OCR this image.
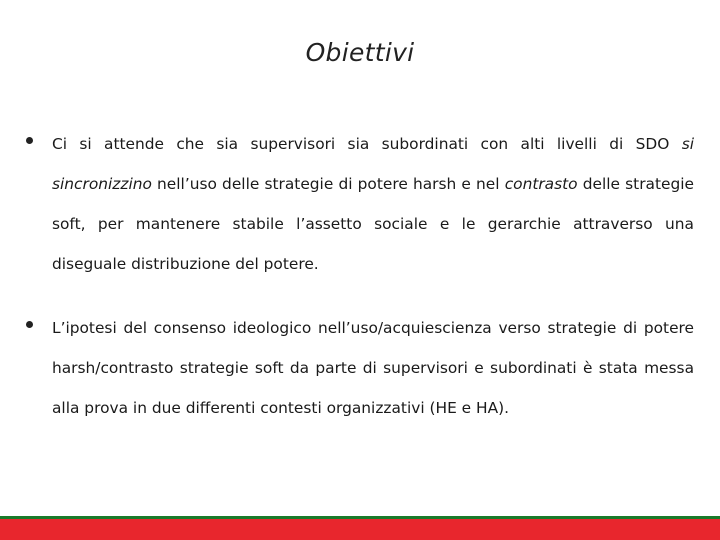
Obiettivi
Ci si attende che sia supervisori sia subordinati con alti livelli di SDO si sincronizzino nell’uso delle strategie di potere harsh e nel contrasto delle strategie soft, per mantenere stabile l’assetto sociale e le gerarchie attraverso una diseguale distribuzione del potere.
L’ipotesi del consenso ideologico nell’uso/acquiescienza verso strategie di potere harsh/contrasto strategie soft da parte di supervisori e subordinati è stata messa alla prova in due differenti contesti organizzativi (HE e HA).
